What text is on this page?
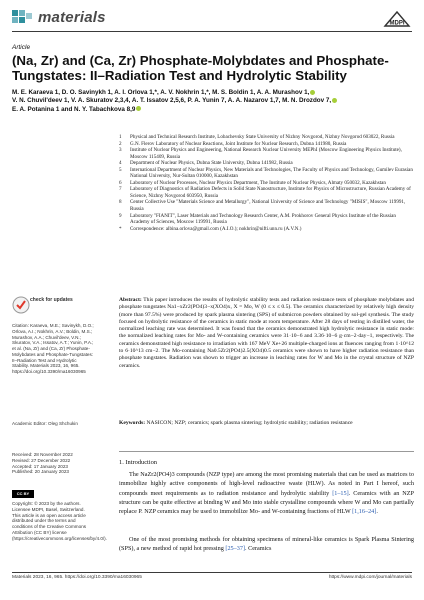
materials	MDPI
Article
(Na, Zr) and (Ca, Zr) Phosphate-Molybdates and Phosphate-Tungstates: II–Radiation Test and Hydrolytic Stability
M. E. Karaeva 1, D. O. Savinykh 1, A. I. Orlova 1,*, A. V. Nokhrin 1,*, M. S. Boldin 1, A. A. Murashov 1,
V. N. Chuvil'deev 1, V. A. Skuratov 2,3,4, A. T. Issatov 2,5,6, P. A. Yunin 7, A. A. Nazarov 1,7, M. N. Drozdov 7,
E. A. Potanina 1 and N. Y. Tabachkova 8,9
1	Physical and Technical Research Institute, Lobachevsky State University of Nizhny Novgorod, Nizhny Novgorod 603022, Russia
2	G.N. Flerov Laboratory of Nuclear Reactions, Joint Institute for Nuclear Research, Dubna 141980, Russia
3	Institute of Nuclear Physics and Engineering, National Research Nuclear University MEPhI (Moscow Engineering Physics Institute), Moscow 115409, Russia
4	Department of Nuclear Physics, Dubna State University, Dubna 141982, Russia
5	International Department of Nuclear Physics, New Materials and Technologies, The Faculty of Physics and Technology, Gumilev Eurasian National University, Nur-Sultan 010000, Kazakhstan
6	Laboratory of Nuclear Processes, Nuclear Physics Department, The Institute of Nuclear Physics, Almaty 050032, Kazakhstan
7	Laboratory of Diagnostics of Radiation Defects in Solid State Nanostructure, Institute for Physics of Microstructure, Russian Academy of Science, Nizhny Novgorod 603950, Russia
8	Center Collective Use "Materials Science and Metallurgy", National University of Science and Technology "MISIS", Moscow 119991, Russia
9	Laboratory "FIANIT", Laser Materials and Technology Research Center, A.M. Prokhorov General Physics Institute of the Russian Academy of Sciences, Moscow 119991, Russia
*	Correspondence: albina.orlova@gmail.com (A.I.O.); nokhrin@nifti.unn.ru (A.V.N.)
check for updates
Citation: Karaeva, M.E.; Savinykh, D.O.; Orlova, A.I.; Nokhrin, A.V.; Boldin, M.S.; Murashov, A.A.; Chuvil'deev, V.N.; Skuratov, V.A.; Issatov, A.T.; Yunin, P.A.; et al. (Na, Zr) and (Ca, Zr) Phosphate-Molybdates and Phosphate-Tungstates: II–Radiation Test and Hydrolytic Stability. Materials 2023, 16, 965. https://doi.org/10.3390/ma16030965
Academic Editor: Oleg Shchukin
Received: 28 November 2022
Revised: 27 December 2022
Accepted: 17 January 2023
Published: 20 January 2023
CC BY
Copyright: © 2023 by the authors. Licensee MDPI, Basel, Switzerland. This article is an open access article distributed under the terms and conditions of the Creative Commons Attribution (CC BY) license (https://creativecommons.org/licenses/by/4.0/).

Abstract: This paper introduces the results of hydrolytic stability tests and radiation resistance tests of phosphate molybdates and phosphate tungstates Na1−xZr2(PO4)3−x(XO4)x, X = Mo, W (0 ≤ x ≤ 0.5). The ceramics characterized by relatively high density (more than 97.5%) were produced by spark plasma sintering (SPS) of submicron powders obtained by sol-gel synthesis. The study focused on hydrolytic resistance of the ceramics in static mode at room temperature. After 28 days of testing in distilled water, the normalized leaching rate was determined. It was found that the ceramics demonstrated high hydrolytic resistance in static mode: the normalized leaching rates for Mo- and W-containing ceramics were 31·10−6 and 3.36·10−6 g·cm−2·day−1, respectively. The ceramics demonstrated high resistance to irradiation with 167 MeV Xe+26 multiple-charged ions at fluences ranging from 1·10^12 to 6·10^13 cm−2. The Mo-containing Na0.5Zr2(PO4)2.5(XO4)0.5 ceramics were shown to have higher radiation resistance than phosphate tungstates. Radiation was shown to trigger an increase in leaching rates for W and Mo in the crystal structure of NZP ceramics.

Keywords: NASICON; NZP; ceramics; spark plasma sintering; hydrolytic stability; radiation resistance

1. Introduction

The NaZr2(PO4)3 compounds (NZP type) are among the most promising materials that can be used as matrices to immobilize highly active components of high-level radioactive waste (HLW). As noted in Part I hereof, such compounds meet requirements as to radiation resistance and hydrolytic stability [1–15]. Ceramics with an NZP structure can be quite effective at binding W and Mo into stable crystalline compounds where W and Mo can partially replace P. NZP ceramics may be used to immobilize Mo- and W-containing fractions of HLW [1,16–24].

One of the most promising methods for obtaining specimens of mineral-like ceramics is Spark Plasma Sintering (SPS), a new method of rapid hot pressing [25–37]. Ceramics

Materials 2023, 16, 965. https://doi.org/10.3390/ma16030965	https://www.mdpi.com/journal/materials
